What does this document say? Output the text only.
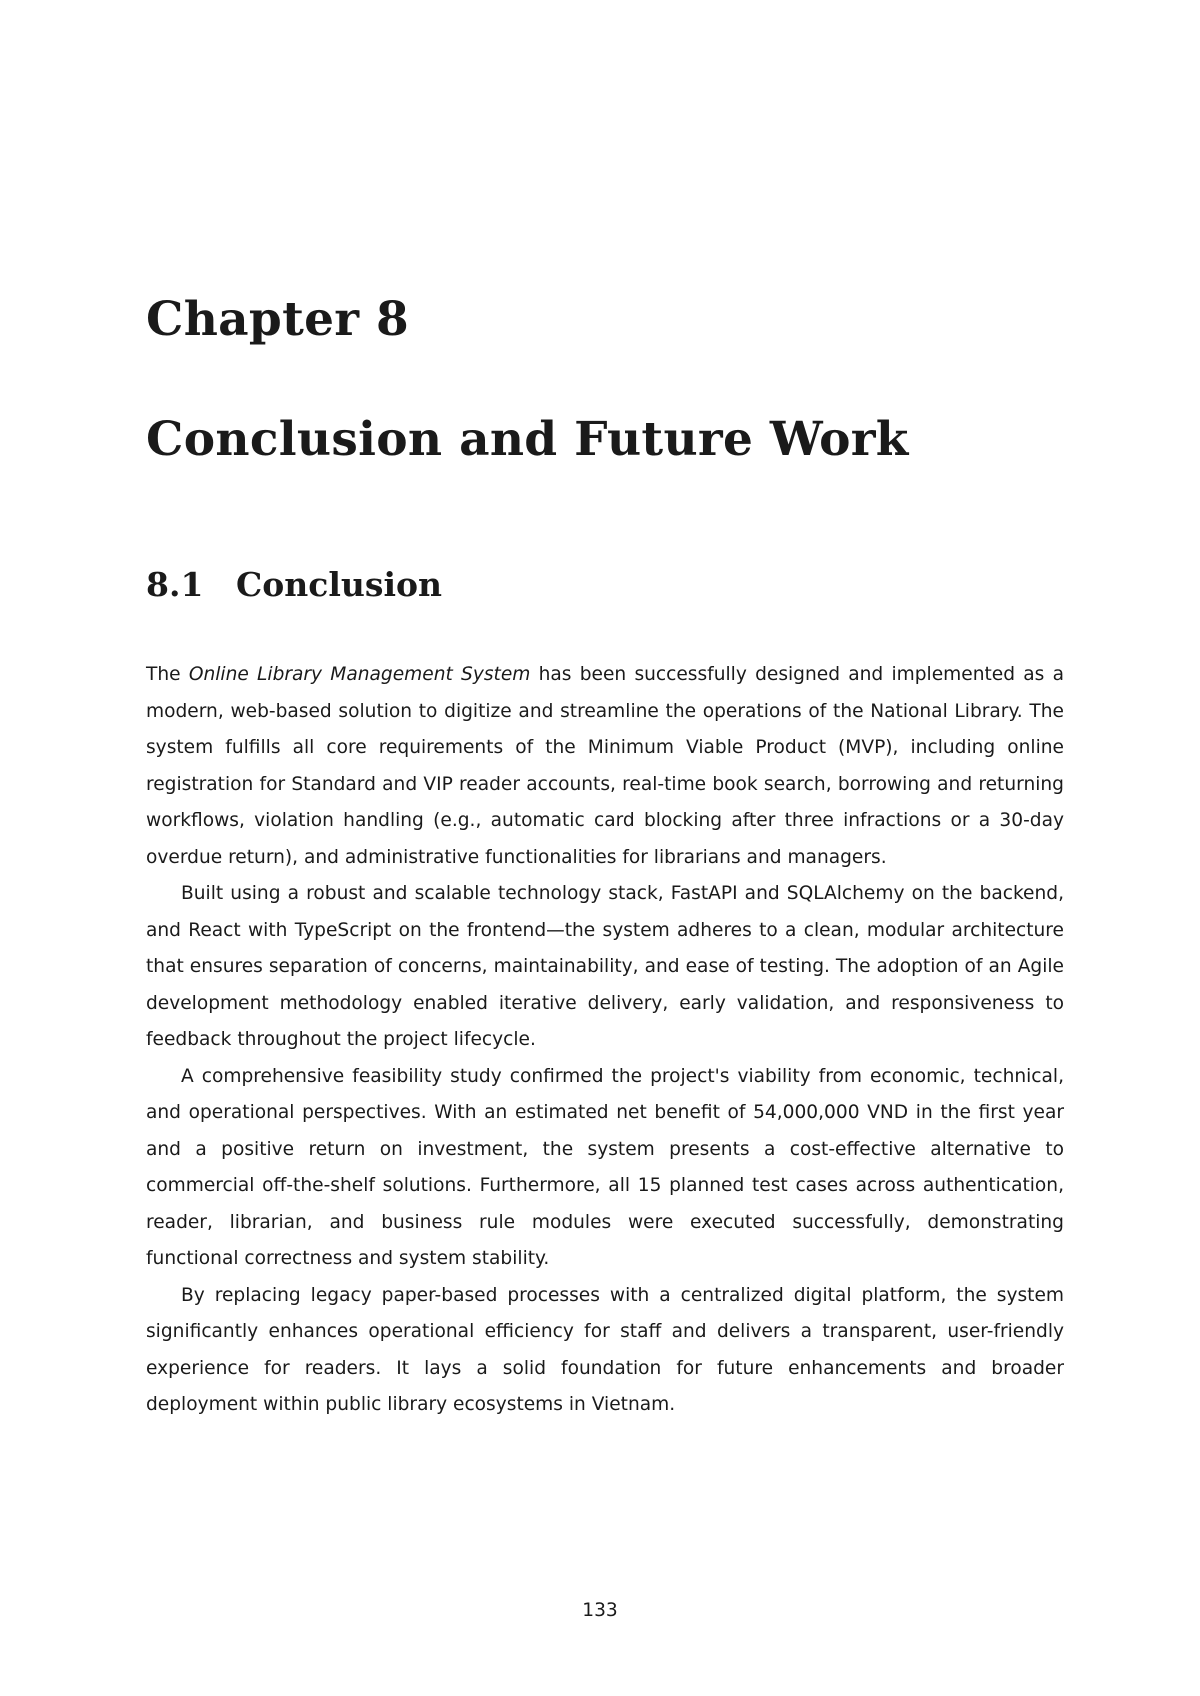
Chapter 8
Conclusion and Future Work
8.1 Conclusion

The Online Library Management System has been successfully designed and implemented as a modern, web-based solution to digitize and streamline the operations of the National Library. The system fulfills all core requirements of the Minimum Viable Product (MVP), including online registration for Standard and VIP reader accounts, real-time book search, borrowing and returning workflows, violation handling (e.g., automatic card blocking after three infractions or a 30-day overdue return), and administrative functionalities for librarians and managers.

Built using a robust and scalable technology stack, FastAPI and SQLAlchemy on the backend, and React with TypeScript on the frontend—the system adheres to a clean, modular architecture that ensures separation of concerns, maintainability, and ease of testing. The adoption of an Agile development methodology enabled iterative delivery, early validation, and responsiveness to feedback throughout the project lifecycle.

A comprehensive feasibility study confirmed the project's viability from economic, technical, and operational perspectives. With an estimated net benefit of 54,000,000 VND in the first year and a positive return on investment, the system presents a cost-effective alternative to commercial off-the-shelf solutions. Furthermore, all 15 planned test cases across authentication, reader, librarian, and business rule modules were executed successfully, demonstrating functional correctness and system stability.

By replacing legacy paper-based processes with a centralized digital platform, the system significantly enhances operational efficiency for staff and delivers a transparent, user-friendly experience for readers. It lays a solid foundation for future enhancements and broader deployment within public library ecosystems in Vietnam.

133
